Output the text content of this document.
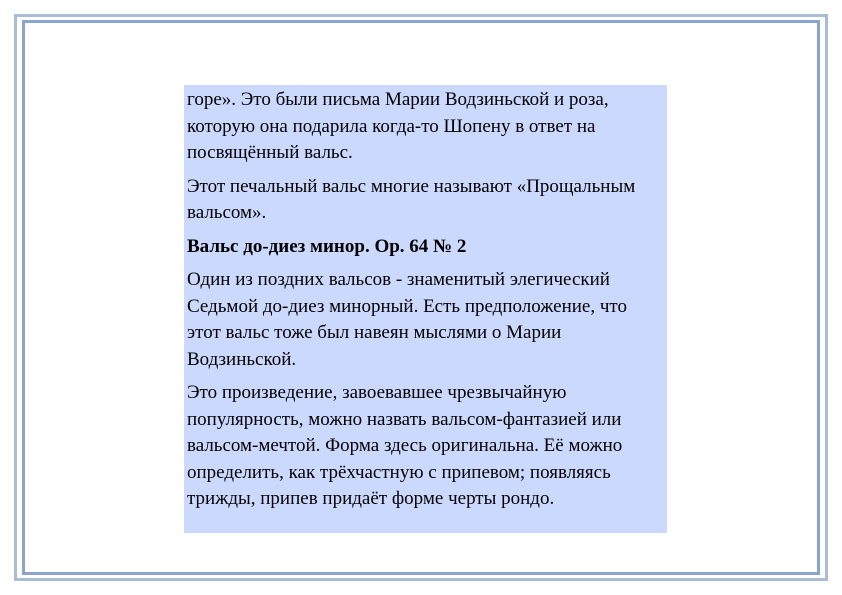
горе». Это были письма Марии Водзиньской и роза, которую она подарила когда-то Шопену в ответ на посвящённый вальс.

Этот печальный вальс многие называют «Прощальным вальсом».

Вальс до-диез минор. Ор. 64 № 2

Один из поздних вальсов - знаменитый элегический Седьмой до-диез минорный. Есть предположение, что этот вальс тоже был навеян мыслями о Марии Водзиньской.

Это произведение, завоевавшее чрезвычайную популярность, можно назвать вальсом-фантазией или вальсом-мечтой. Форма здесь оригинальна. Её можно определить, как трёхчастную с припевом; появляясь трижды, припев придаёт форме черты рондо.
